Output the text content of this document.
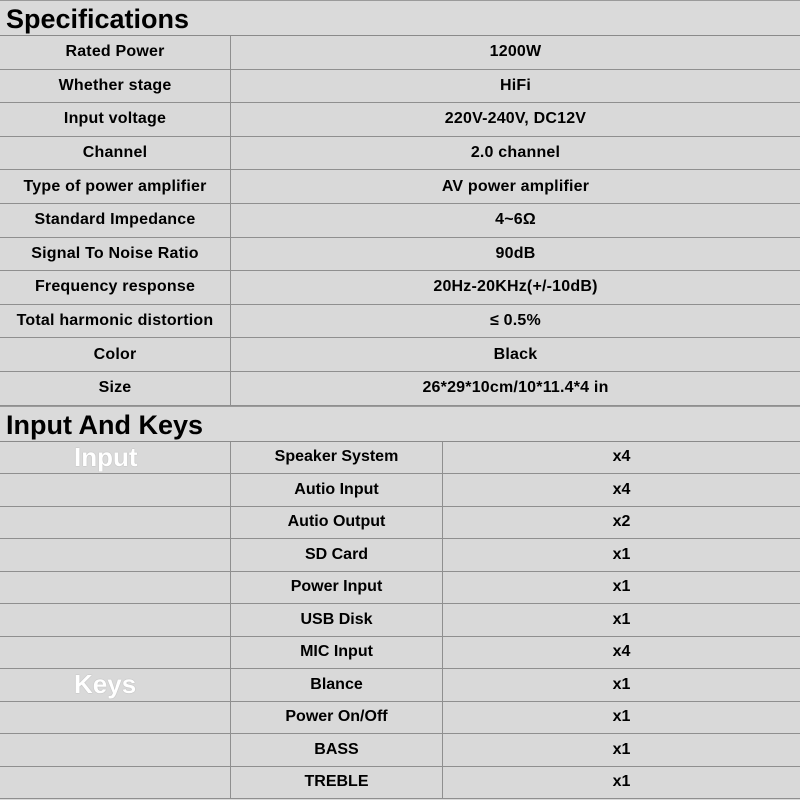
Specifications
Rated Power	1200W
Whether stage	HiFi
Input voltage	220V-240V, DC12V
Channel	2.0 channel
Type of power amplifier	AV power amplifier
Standard Impedance	4~6Ω
Signal To Noise Ratio	90dB
Frequency response	20Hz-20KHz(+/-10dB)
Total harmonic distortion	≤ 0.5%
Color	Black
Size	26*29*10cm/10*11.4*4 in
Input And Keys
Input	Speaker System	x4
Autio Input	x4
Autio Output	x2
SD Card	x1
Power Input	x1
USB Disk	x1
MIC Input	x4
Keys	Blance	x1
Power On/Off	x1
BASS	x1
TREBLE	x1
